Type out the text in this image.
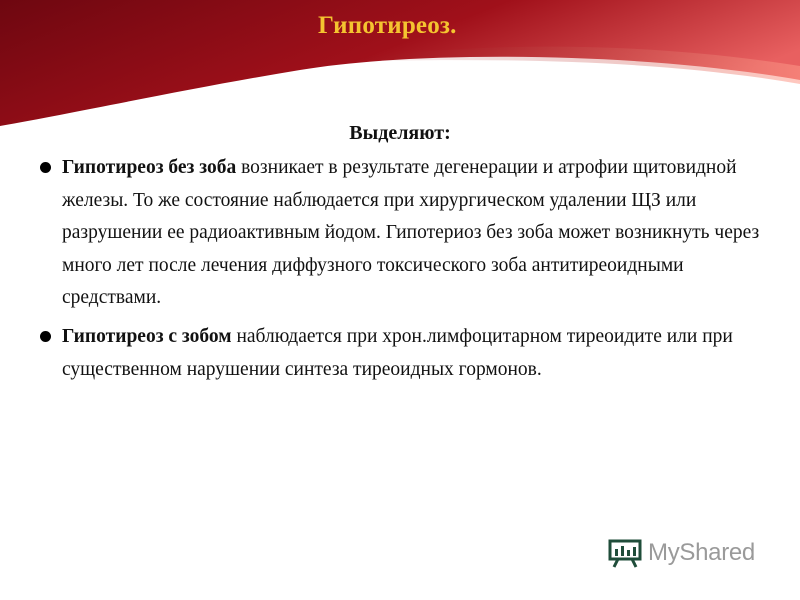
Гипотиреоз.
Выделяют:

Гипотиреоз без зоба возникает в результате дегенерации и атрофии щитовидной железы. То же состояние наблюдается при хирургическом удалении ЩЗ или разрушении ее радиоактивным йодом. Гипотериоз без зоба может возникнуть через много лет после лечения диффузного токсического зоба антитиреоидными средствами.

Гипотиреоз с зобом наблюдается при хрон.лимфоцитарном тиреоидите или при существенном нарушении синтеза тиреоидных гормонов.

MyShared
